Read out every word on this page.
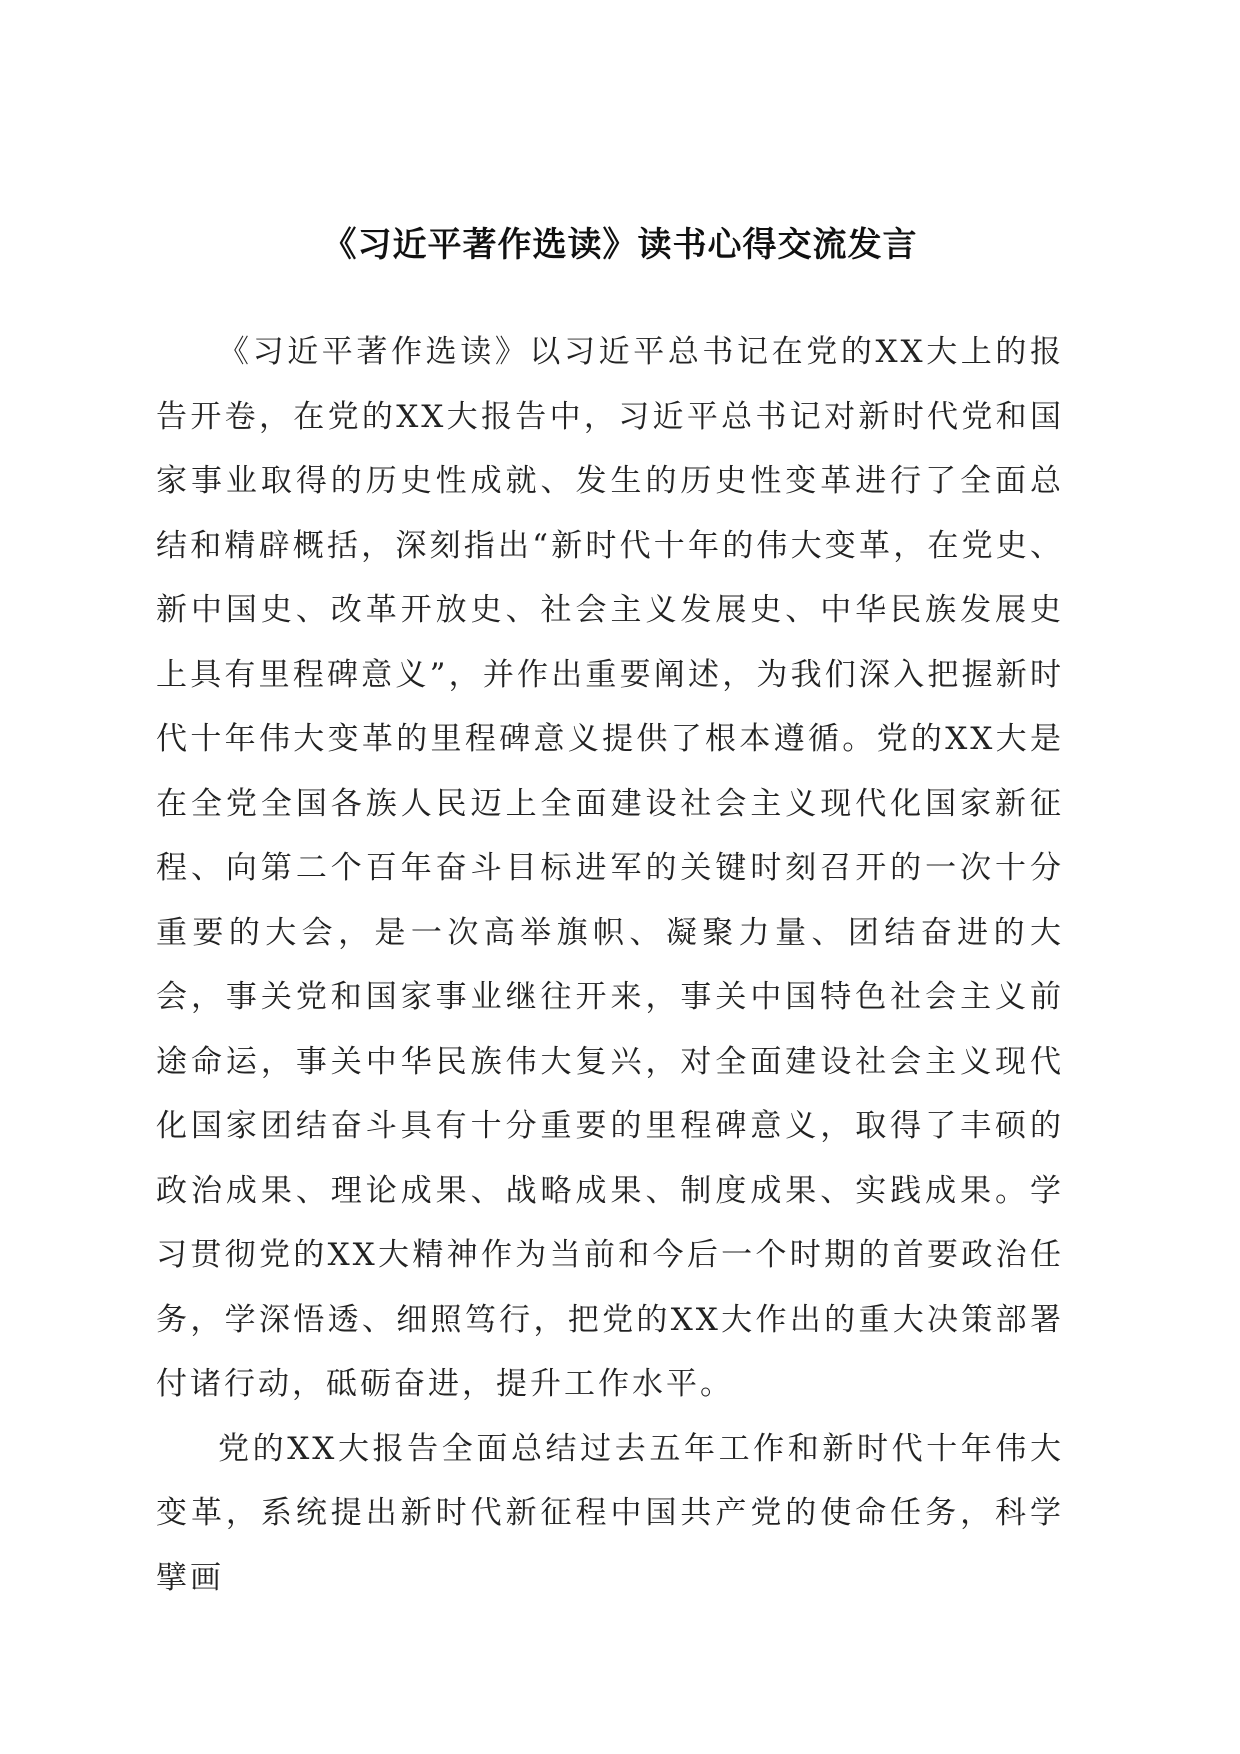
《习近平著作选读》读书心得交流发言

《习近平著作选读》以习近平总书记在党的XX大上的报告开卷，在党的XX大报告中，习近平总书记对新时代党和国家事业取得的历史性成就、发生的历史性变革进行了全面总结和精辟概括，深刻指出“新时代十年的伟大变革，在党史、新中国史、改革开放史、社会主义发展史、中华民族发展史上具有里程碑意义”，并作出重要阐述，为我们深入把握新时代十年伟大变革的里程碑意义提供了根本遵循。党的XX大是在全党全国各族人民迈上全面建设社会主义现代化国家新征程、向第二个百年奋斗目标进军的关键时刻召开的一次十分重要的大会，是一次高举旗帜、凝聚力量、团结奋进的大会，事关党和国家事业继往开来，事关中国特色社会主义前途命运，事关中华民族伟大复兴，对全面建设社会主义现代化国家团结奋斗具有十分重要的里程碑意义，取得了丰硕的政治成果、理论成果、战略成果、制度成果、实践成果。学习贯彻党的XX大精神作为当前和今后一个时期的首要政治任务，学深悟透、细照笃行，把党的XX大作出的重大决策部署付诸行动，砥砺奋进，提升工作水平。

党的XX大报告全面总结过去五年工作和新时代十年伟大变革，系统提出新时代新征程中国共产党的使命任务，科学擘画
